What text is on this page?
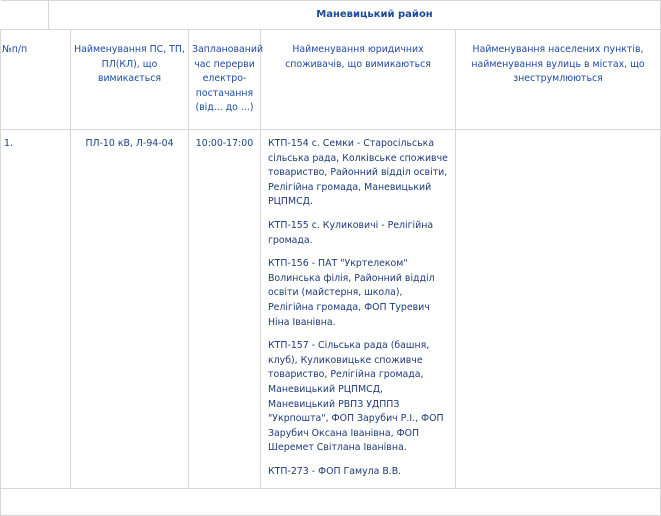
	Маневицький район				
№п/п		Найменування ПС, ТП, ПЛ(КЛ), що вимикається	Запланований час перерви електро-постачання (від... до ...)	Найменування юридичних споживачів, що вимикаються	Найменування населених пунктів, найменування вулиць в містах, що знеструмлюються
1.		ПЛ-10 кВ, Л-94-04	10:00-17:00	КТП-154 с. Семки - Старосільська сільська рада, Колківське споживче товариство, Районний відділ освіти, Релігійна громада, Маневицький РЦПМСД.

КТП-155 с. Куликовичі - Релігійна громада.

КТП-156 - ПАТ "Укртелеком" Волинська філія, Районний відділ освіти (майстерня, школа), Релігійна громада, ФОП Туревич Ніна Іванівна.

КТП-157 - Сільська рада (башня, клуб), Куликовицьке споживче товариство, Релігійна громада, Маневицький РЦПМСД, Маневицький РВПЗ УДППЗ "Укрпошта", ФОП Зарубич Р.І., ФОП Зарубич Оксана Іванівна, ФОП Шеремет Світлана Іванівна.

КТП-273 - ФОП Гамула В.В.	
